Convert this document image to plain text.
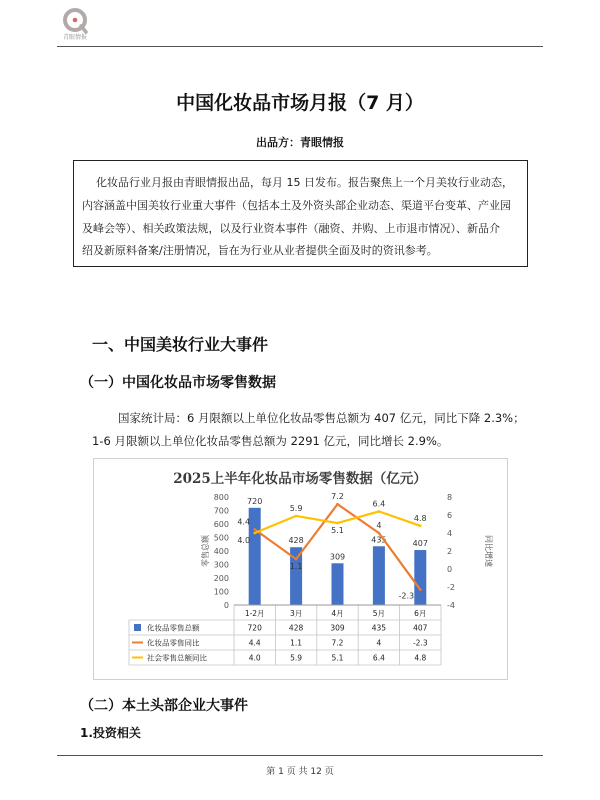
青眼情报
中国化妆品市场月报（7 月）
出品方：青眼情报
化妆品行业月报由青眼情报出品，每月 15 日发布。报告聚焦上一个月美妆行业动态，
内容涵盖中国美妆行业重大事件（包括本土及外资头部企业动态、渠道平台变革、产业园
及峰会等）、相关政策法规，以及行业资本事件（融资、并购、上市退市情况）、新品介
绍及新原料备案/注册情况，旨在为行业从业者提供全面及时的资讯参考。
一、中国美妆行业大事件
（一）中国化妆品市场零售数据
国家统计局：6 月限额以上单位化妆品零售总额为 407 亿元，同比下降 2.3%；
1-6 月限额以上单位化妆品零售总额为 2291 亿元，同比增长 2.9%。
2025上半年化妆品市场零售数据（亿元）
零售总额	同比增速
0
100
200
300
400
500
600
700
800
-4
-2
0
2
4
6
8
720
428
309
435	407
4.4
1.1
7.2
4
-2.3
4.0
5.9
5.1
6.4
4.8
1-2月	3月	4月	5月	6月
化妆品零售总额	720	428	309	435	407
化妆品零售同比	4.4	1.1	7.2	4	-2.3
社会零售总额同比	4.0	5.9	5.1	6.4	4.8
（二）本土头部企业大事件
1.投资相关
第 1 页 共 12 页
